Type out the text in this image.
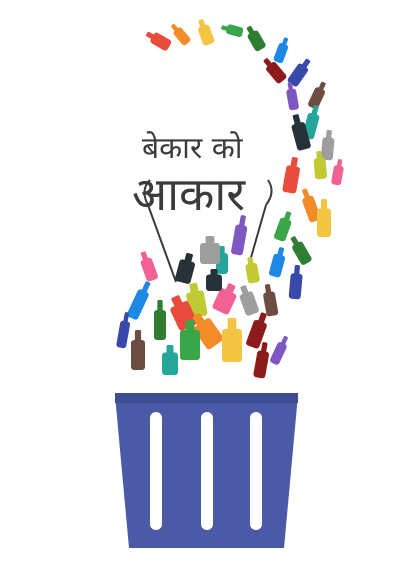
बेकार को
आकार
